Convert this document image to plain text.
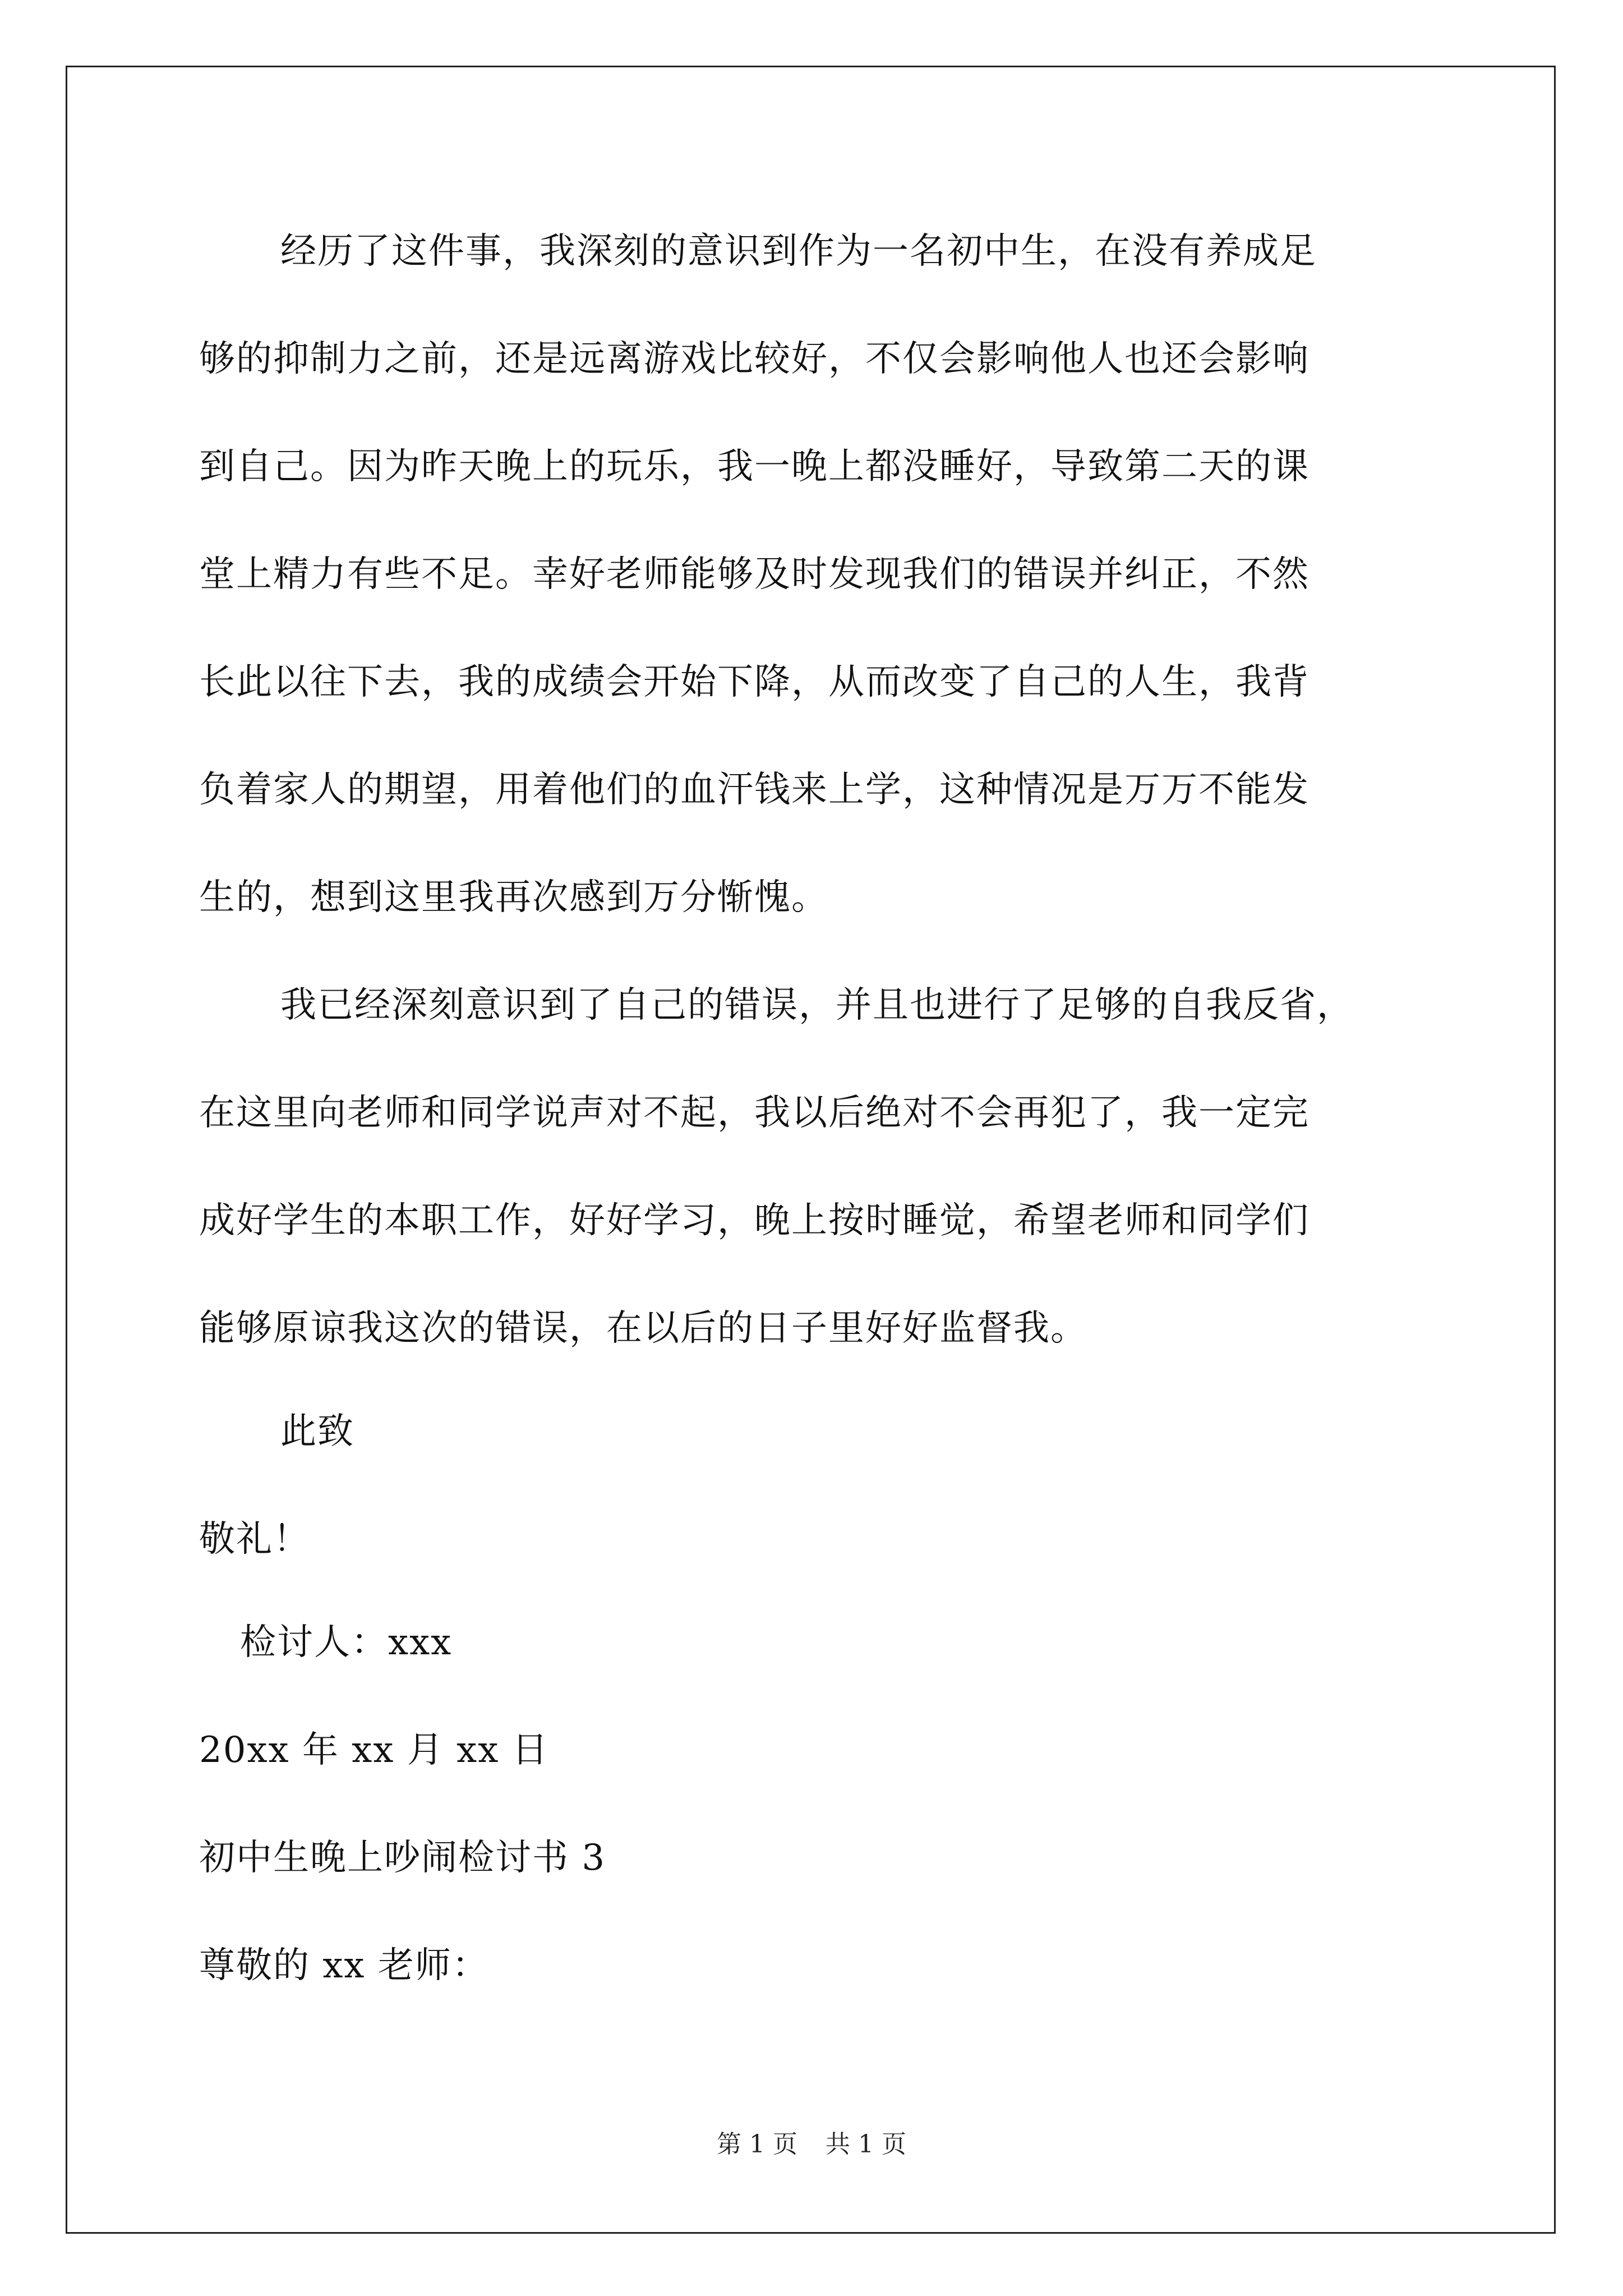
经历了这件事，我深刻的意识到作为一名初中生，在没有养成足
够的抑制力之前，还是远离游戏比较好，不仅会影响他人也还会影响
到自己。因为昨天晚上的玩乐，我一晚上都没睡好，导致第二天的课
堂上精力有些不足。幸好老师能够及时发现我们的错误并纠正，不然
长此以往下去，我的成绩会开始下降，从而改变了自己的人生，我背
负着家人的期望，用着他们的血汗钱来上学，这种情况是万万不能发
生的，想到这里我再次感到万分惭愧。
我已经深刻意识到了自己的错误，并且也进行了足够的自我反省，
在这里向老师和同学说声对不起，我以后绝对不会再犯了，我一定完
成好学生的本职工作，好好学习，晚上按时睡觉，希望老师和同学们
能够原谅我这次的错误，在以后的日子里好好监督我。
此致
敬礼！
检讨人：xxx
20xx 年 xx 月 xx 日
初中生晚上吵闹检讨书 3
尊敬的 xx 老师：
第 1 页 共 1 页
